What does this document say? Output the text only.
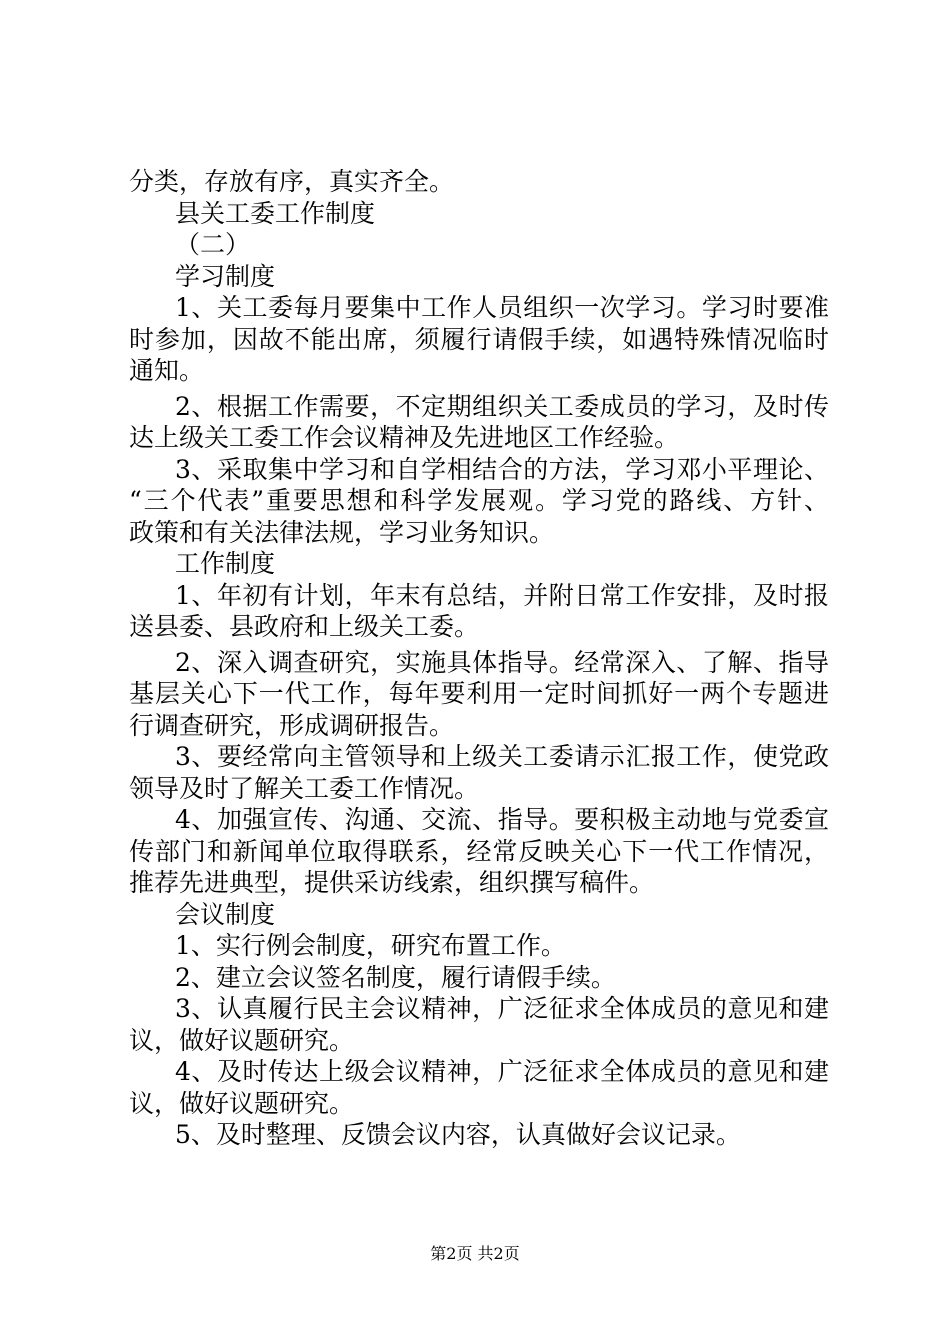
分类，存放有序，真实齐全。
县关工委工作制度
（二）
学习制度
1、关工委每月要集中工作人员组织一次学习。学习时要准
时参加，因故不能出席，须履行请假手续，如遇特殊情况临时
通知。
2、根据工作需要，不定期组织关工委成员的学习，及时传
达上级关工委工作会议精神及先进地区工作经验。
3、采取集中学习和自学相结合的方法，学习邓小平理论、
“三个代表”重要思想和科学发展观。学习党的路线、方针、
政策和有关法律法规，学习业务知识。
工作制度
1、年初有计划，年末有总结，并附日常工作安排，及时报
送县委、县政府和上级关工委。
2、深入调查研究，实施具体指导。经常深入、了解、指导
基层关心下一代工作，每年要利用一定时间抓好一两个专题进
行调查研究，形成调研报告。
3、要经常向主管领导和上级关工委请示汇报工作，使党政
领导及时了解关工委工作情况。
4、加强宣传、沟通、交流、指导。要积极主动地与党委宣
传部门和新闻单位取得联系，经常反映关心下一代工作情况，
推荐先进典型，提供采访线索，组织撰写稿件。
会议制度
1、实行例会制度，研究布置工作。
2、建立会议签名制度，履行请假手续。
3、认真履行民主会议精神，广泛征求全体成员的意见和建
议，做好议题研究。
4、及时传达上级会议精神，广泛征求全体成员的意见和建
议，做好议题研究。
5、及时整理、反馈会议内容，认真做好会议记录。
第2页 共2页
